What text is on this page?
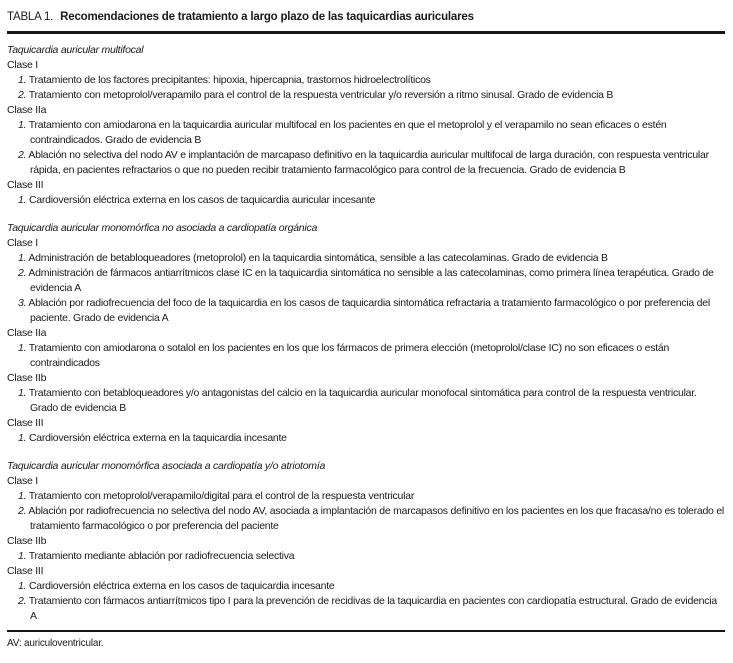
TABLA 1. Recomendaciones de tratamiento a largo plazo de las taquicardias auriculares
Taquicardia auricular multifocal
Clase I
1. Tratamiento de los factores precipitantes: hipoxia, hipercapnia, trastornos hidroelectrolíticos
2. Tratamiento con metoprolol/verapamilo para el control de la respuesta ventricular y/o reversión a ritmo sinusal. Grado de evidencia B
Clase IIa
1. Tratamiento con amiodarona en la taquicardia auricular multifocal en los pacientes en que el metoprolol y el verapamilo no sean eficaces o estén contraindicados. Grado de evidencia B
2. Ablación no selectiva del nodo AV e implantación de marcapaso definitivo en la taquicardia auricular multifocal de larga duración, con respuesta ventricular rápida, en pacientes refractarios o que no pueden recibir tratamiento farmacológico para control de la frecuencia. Grado de evidencia B
Clase III
1. Cardioversión eléctrica externa en los casos de taquicardia auricular incesante
Taquicardia auricular monomórfica no asociada a cardiopatía orgánica
Clase I
1. Administración de betabloqueadores (metoprolol) en la taquicardia sintomática, sensible a las catecolaminas. Grado de evidencia B
2. Administración de fármacos antiarrítmicos clase IC en la taquicardia sintomática no sensible a las catecolaminas, como primera línea terapéutica. Grado de evidencia A
3. Ablación por radiofrecuencia del foco de la taquicardia en los casos de taquicardia sintomática refractaria a tratamiento farmacológico o por preferencia del paciente. Grado de evidencia A
Clase IIa
1. Tratamiento con amiodarona o sotalol en los pacientes en los que los fármacos de primera elección (metoprolol/clase IC) no son eficaces o están contraindicados
Clase IIb
1. Tratamiento con betabloqueadores y/o antagonistas del calcio en la taquicardia auricular monofocal sintomática para control de la respuesta ventricular. Grado de evidencia B
Clase III
1. Cardioversión eléctrica externa en la taquicardia incesante
Taquicardia auricular monomórfica asociada a cardiopatía y/o atriotomía
Clase I
1. Tratamiento con metoprolol/verapamilo/digital para el control de la respuesta ventricular
2. Ablación por radiofrecuencia no selectiva del nodo AV, asociada a implantación de marcapasos definitivo en los pacientes en los que fracasa/no es tolerado el tratamiento farmacológico o por preferencia del paciente
Clase IIb
1. Tratamiento mediante ablación por radiofrecuencia selectiva
Clase III
1. Cardioversión eléctrica externa en los casos de taquicardia incesante
2. Tratamiento con fármacos antiarrítmicos tipo I para la prevención de recidivas de la taquicardia en pacientes con cardiopatía estructural. Grado de evidencia A
AV: auriculoventricular.
